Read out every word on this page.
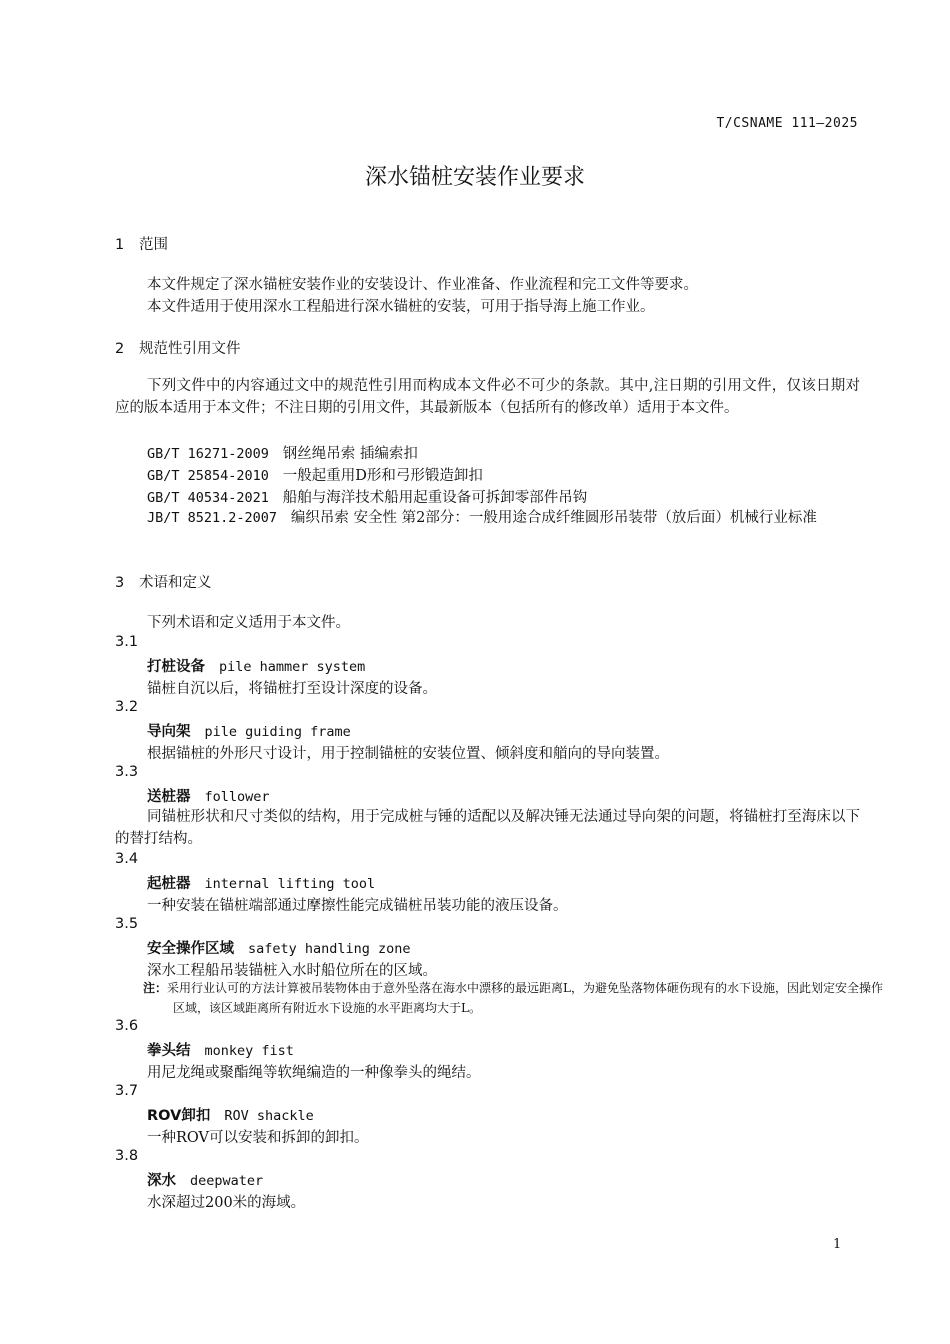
T/CSNAME 111—2025
深水锚桩安装作业要求
1 范围
本文件规定了深水锚桩安装作业的安装设计、作业准备、作业流程和完工文件等要求。
本文件适用于使用深水工程船进行深水锚桩的安装，可用于指导海上施工作业。
2 规范性引用文件
下列文件中的内容通过文中的规范性引用而构成本文件必不可少的条款。其中,注日期的引用文件，仅该日期对应的版本适用于本文件；不注日期的引用文件，其最新版本（包括所有的修改单）适用于本文件。
GB/T 16271-2009 钢丝绳吊索 插编索扣
GB/T 25854-2010 一般起重用D形和弓形锻造卸扣
GB/T 40534-2021 船舶与海洋技术船用起重设备可拆卸零部件吊钩
JB/T 8521.2-2007 编织吊索 安全性 第2部分：一般用途合成纤维圆形吊装带（放后面）机械行业标准
3 术语和定义
下列术语和定义适用于本文件。
3.1
打桩设备 pile hammer system
锚桩自沉以后，将锚桩打至设计深度的设备。
3.2
导向架 pile guiding frame
根据锚桩的外形尺寸设计，用于控制锚桩的安装位置、倾斜度和艏向的导向装置。
3.3
送桩器 follower
同锚桩形状和尺寸类似的结构，用于完成桩与锤的适配以及解决锤无法通过导向架的问题，将锚桩打至海床以下的替打结构。
3.4
起桩器 internal lifting tool
一种安装在锚桩端部通过摩擦性能完成锚桩吊装功能的液压设备。
3.5
安全操作区域 safety handling zone
深水工程船吊装锚桩入水时船位所在的区域。
注：采用行业认可的方法计算被吊装物体由于意外坠落在海水中漂移的最远距离L，为避免坠落物体砸伤现有的水下设施，因此划定安全操作区域，该区域距离所有附近水下设施的水平距离均大于L。
3.6
拳头结 monkey fist
用尼龙绳或聚酯绳等软绳编造的一种像拳头的绳结。
3.7
ROV卸扣 ROV shackle
一种ROV可以安装和拆卸的卸扣。
3.8
深水 deepwater
水深超过200米的海域。
1
